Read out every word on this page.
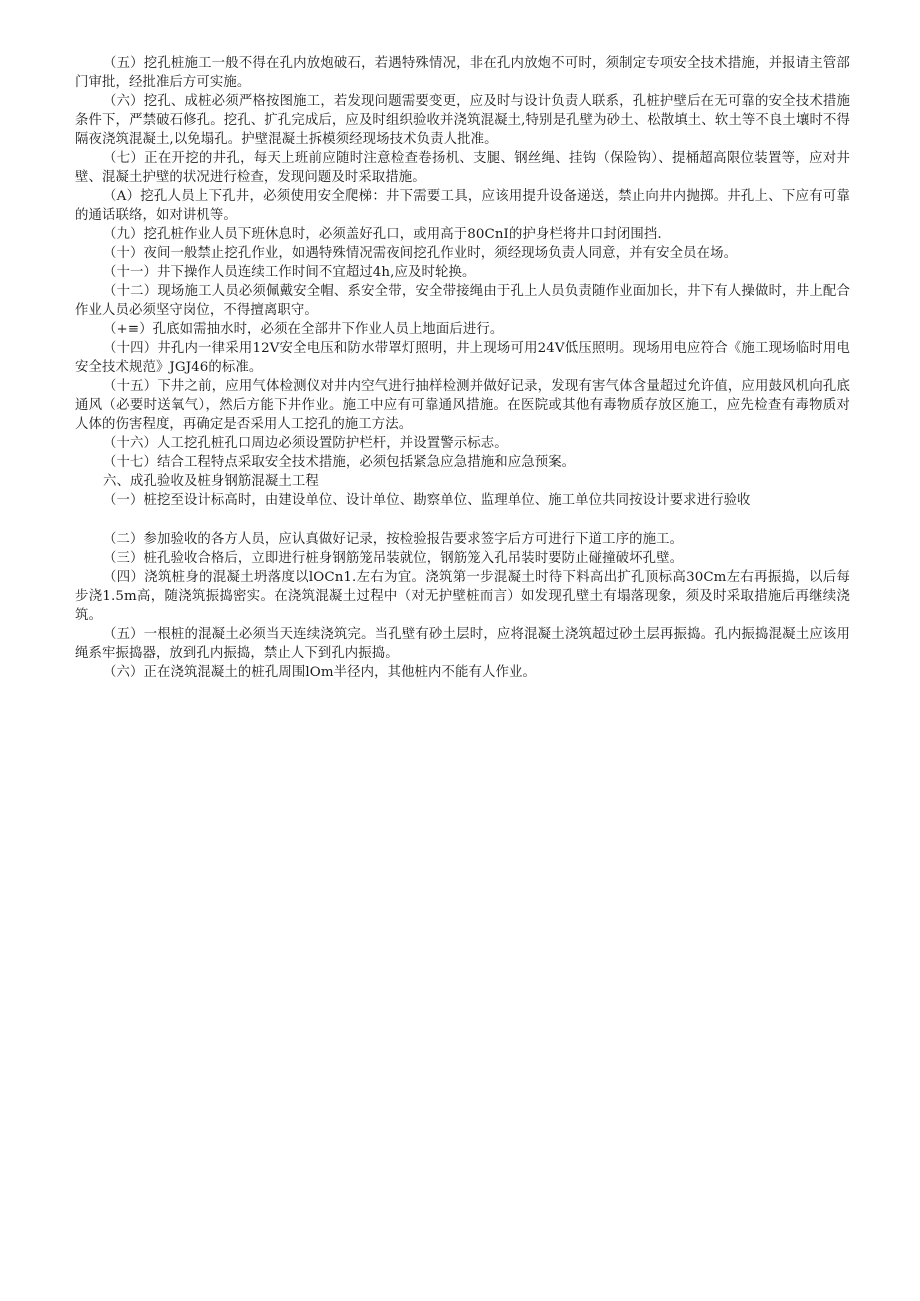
（五）挖孔桩施工一般不得在孔内放炮破石，若遇特殊情况，非在孔内放炮不可时，须制定专项安全技术措施，并报请主管部门审批，经批准后方可实施。

（六）挖孔、成桩必须严格按图施工，若发现问题需要变更，应及时与设计负责人联系，孔桩护壁后在无可靠的安全技术措施条件下，严禁破石修孔。挖孔、扩孔完成后，应及时组织验收并浇筑混凝土,特别是孔壁为砂土、松散填土、软土等不良土壤时不得隔夜浇筑混凝土,以免塌孔。护壁混凝土拆模须经现场技术负责人批准。

（七）正在开挖的井孔，每天上班前应随时注意检查卷扬机、支腿、钢丝绳、挂钩（保险钩）、提桶超高限位装置等，应对井壁、混凝土护壁的状况进行检查，发现问题及时采取措施。

（A）挖孔人员上下孔井，必须使用安全爬梯：井下需要工具，应该用提升设备递送，禁止向井内抛掷。井孔上、下应有可靠的通话联络，如对讲机等。

（九）挖孔桩作业人员下班休息时，必须盖好孔口，或用高于80CnI的护身栏将井口封闭围挡.

（十）夜间一般禁止挖孔作业，如遇特殊情况需夜间挖孔作业时，须经现场负责人同意，并有安全员在场。

（十一）井下操作人员连续工作时间不宜超过4h,应及时轮换。

（十二）现场施工人员必须佩戴安全帽、系安全带，安全带接绳由于孔上人员负责随作业面加长，井下有人操做时，井上配合作业人员必须坚守岗位，不得擅离职守。

（+≡）孔底如需抽水时，必须在全部井下作业人员上地面后进行。

（十四）井孔内一律采用12V安全电压和防水带罩灯照明，井上现场可用24V低压照明。现场用电应符合《施工现场临时用电安全技术规范》JGJ46的标准。

（十五）下井之前，应用气体检测仪对井内空气进行抽样检测并做好记录，发现有害气体含量超过允许值，应用鼓风机向孔底通风（必要时送氧气），然后方能下井作业。施工中应有可靠通风措施。在医院或其他有毒物质存放区施工，应先检查有毒物质对人体的伤害程度，再确定是否采用人工挖孔的施工方法。

（十六）人工挖孔桩孔口周边必须设置防护栏杆，并设置警示标志。

（十七）结合工程特点采取安全技术措施，必须包括紧急应急措施和应急预案。

六、成孔验收及桩身钢筋混凝土工程

（一）桩挖至设计标高时，由建设单位、设计单位、勘察单位、监理单位、施工单位共同按设计要求进行验收

（二）参加验收的各方人员，应认真做好记录，按检验报告要求签字后方可进行下道工序的施工。

（三）桩孔验收合格后，立即进行桩身钢筋笼吊装就位，钢筋笼入孔吊装时要防止碰撞破坏孔壁。

（四）浇筑桩身的混凝土坍落度以lOCn1.左右为宜。浇筑第一步混凝土时待下料高出扩孔顶标高30Cm左右再振捣，以后每步浇1.5m高，随浇筑振捣密实。在浇筑混凝土过程中（对无护壁桩而言）如发现孔壁土有塌落现象，须及时采取措施后再继续浇筑。

（五）一根桩的混凝土必须当天连续浇筑完。当孔壁有砂土层时，应将混凝土浇筑超过砂土层再振捣。孔内振捣混凝土应该用绳系牢振捣器，放到孔内振捣，禁止人下到孔内振捣。

（六）正在浇筑混凝土的桩孔周围lOm半径内，其他桩内不能有人作业。
